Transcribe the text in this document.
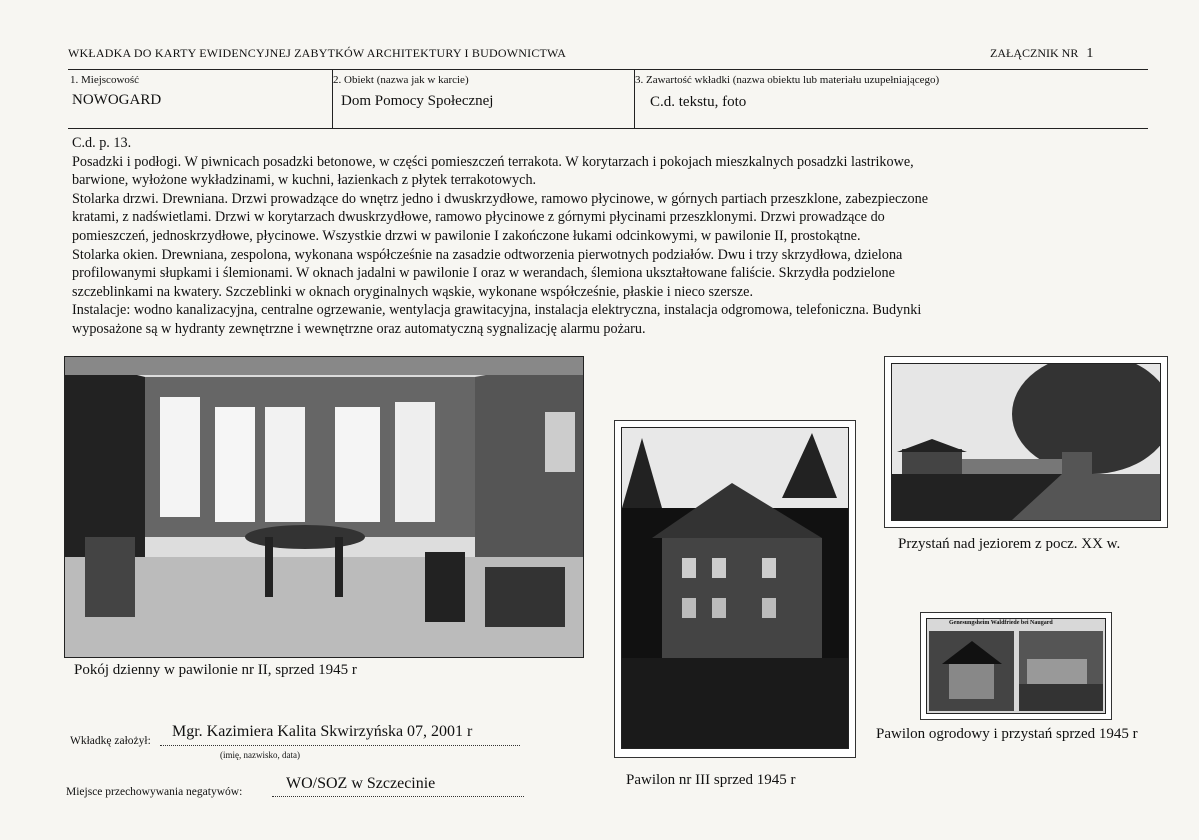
WKŁADKA DO KARTY EWIDENCYJNEJ ZABYTKÓW ARCHITEKTURY I BUDOWNICTWA	ZAŁĄCZNIK NR 1
1. Miejscowość
NOWOGARD
2. Obiekt (nazwa jak w karcie)
Dom Pomocy Społecznej
3. Zawartość wkładki (nazwa obiektu lub materiału uzupełniającego)
C.d. tekstu, foto
C.d. p. 13.
Posadzki i podłogi. W piwnicach posadzki betonowe, w części pomieszczeń terrakota. W korytarzach i pokojach mieszkalnych posadzki lastrikowe,
barwione, wyłożone wykładzinami, w kuchni, łazienkach z płytek terrakotowych.
Stolarka drzwi. Drewniana. Drzwi prowadzące do wnętrz jedno i dwuskrzydłowe, ramowo płycinowe, w górnych partiach przeszklone, zabezpieczone
kratami, z nadświetlami. Drzwi w korytarzach dwuskrzydłowe, ramowo płycinowe z górnymi płycinami przeszklonymi. Drzwi prowadzące do
pomieszczeń, jednoskrzydłowe, płycinowe. Wszystkie drzwi w pawilonie I zakończone łukami odcinkowymi, w pawilonie II, prostokątne.
Stolarka okien. Drewniana, zespolona, wykonana współcześnie na zasadzie odtworzenia pierwotnych podziałów. Dwu i trzy skrzydłowa, dzielona
profilowanymi słupkami i ślemionami. W oknach jadalni w pawilonie I oraz w werandach, ślemiona ukształtowane faliście. Skrzydła podzielone
szczeblinkami na kwatery. Szczeblinki w oknach oryginalnych wąskie, wykonane współcześnie, płaskie i nieco szersze.
Instalacje: wodno kanalizacyjna, centralne ogrzewanie, wentylacja grawitacyjna, instalacja elektryczna, instalacja odgromowa, telefoniczna. Budynki
wyposażone są w hydranty zewnętrzne i wewnętrzne oraz automatyczną sygnalizację alarmu pożaru.
Pokój dzienny w pawilonie nr II, sprzed 1945 r
Pawilon nr III sprzed 1945 r
Przystań nad jeziorem z pocz. XX w.
Genesungsheim Waldfriede bei Naugard
Pawilon ogrodowy i przystań sprzed 1945 r
Wkładkę założył:
Mgr. Kazimiera Kalita Skwirzyńska 07, 2001 r
(imię, nazwisko, data)
Miejsce przechowywania negatywów:	WO/SOZ w Szczecinie
